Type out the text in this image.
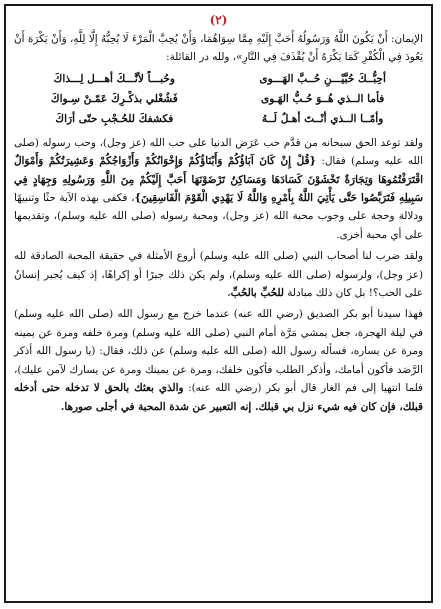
(٢)

الإيمان: أَنْ يَكُونَ اللَّهُ وَرَسُولُهُ أَحَبَّ إِلَيْهِ مِمَّا سِوَاهُمَا، وَأَنْ يُحِبَّ الْمَرْءَ لَا يُحِبُّهُ إِلَّا لِلَّهِ، وَأَنْ يَكْرَهَ أَنْ يَعُودَ فِي الْكُفْرِ كَمَا يَكْرَهُ أَنْ يُقْذَفَ فِي النَّارِ»، ولله در القائلة:

أحِبُّــكَ حُبَّيْـــنِ حُــبَّ الهَـــوى
وحُبـــاً لأنَّـــكَ أهـــل لِـــذاكَ
فأما الــذي هُــوَ حُـبُّ الهَـوى
فَشُغْلي بذكْـرِكَ عَمّـنْ سِـواكَ
وأمّــا الــذي أنْــتَ أهـلٌ لَــهُ
فكشفكَ للحُـجْبِ حتّى أرَاكَ

ولقد توعد الحق سبحانه من قدَّم حب عَرَض الدنيا على حب الله (عز وجل)، وحب رسوله (صلى الله عليه وسلم) فقال: {قُلْ إِنْ كَانَ آبَاؤُكُمْ وَأَبْنَاؤُكُمْ وَإِخْوَانُكُمْ وَأَزْوَاجُكُمْ وَعَشِيرَتُكُمْ وَأَمْوَالٌ اقْتَرَفْتُمُوهَا وَتِجَارَةٌ تَخْشَوْنَ كَسَادَهَا وَمَسَاكِنُ تَرْضَوْنَهَا أَحَبَّ إِلَيْكُمْ مِنَ اللَّهِ وَرَسُولِهِ وَجِهَادٍ فِي سَبِيلِهِ فَتَرَبَّصُوا حَتَّى يَأْتِيَ اللَّهُ بِأَمْرِهِ وَاللَّهُ لَا يَهْدِي الْقَوْمَ الْفَاسِقِينَ}، فكفى بهذه الآية حثًا وتنبيهًا ودلالة وحجة على وجوب محبة الله (عز وجل)، ومحبة رسوله (صلى الله عليه وسلم)، وتقديمها على أي محبة أخرى.

ولقد ضرب لنا أصحاب النبي (صلى الله عليه وسلم) أروع الأمثلة في حقيقة المحبة الصادقة لله (عز وجل)، ولرسوله (صلى الله عليه وسلم)، ولم يكن ذلك جبرًا أو إكراهًا، إذ كيف يُجبر إنسانٌ على الحب؟! بل كان ذلك مبادلة للحُبِّ بالحُبِّ،

فهذا سيدنا أبو بكر الصديق (رضي الله عنه) عندما خرج مع رسول الله (صلى الله عليه وسلم) في ليلة الهجرة، جعل يمشي مَرَّة أمام النبي (صلى الله عليه وسلم) ومرة خلفه ومرة عن يمينه ومرة عن يساره، فسأله رسول الله (صلى الله عليه وسلم) عن ذلك، فقال: (يا رسول الله أذكر الرَّصَد فأكون أمامك، وأذكر الطلب فأكون خلفك، ومرة عن يمينك ومرة عن يسارك لآمن عليك)، فلما انتهيا إلى فم الغار قال أبو بكر (رضي الله عنه): والذي بعثك بالحق لا تدخله حتى أدخله قبلك، فإن كان فيه شيء نزل بي قبلك. إنه التعبير عن شدة المحبة في أجلى صورها.
